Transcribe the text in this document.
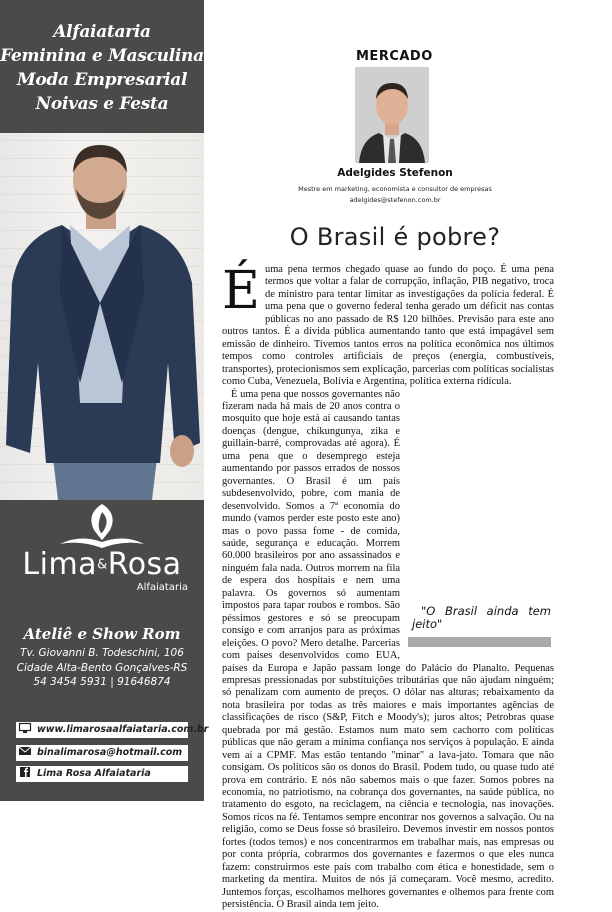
Alfaiataria
Feminina e Masculina
Moda Empresarial
Noivas e Festa
Lima&Rosa
Alfaiataria
Ateliê e Show Rom
Tv. Giovanni B. Todeschini, 106
Cidade Alta-Bento Gonçalves-RS
54 3454 5931 | 91646874
www.limarosaalfaiataria.com.br
binalimarosa@hotmail.com
Lima Rosa Alfaiataria
MERCADO
Adelgides Stefenon
Mestre em marketing, economista e consultor de empresas
adelgides@stefenon.com.br
O Brasil é pobre?

É uma pena termos chegado quase ao fundo do poço. É uma pena termos que voltar a falar de corrupção, inflação, PIB negativo, troca de ministro para tentar limitar as investigações da polícia federal. É uma pena que o governo federal tenha gerado um déficit nas contas públicas no ano passado de R$ 120 bilhões. Previsão para este ano outros tantos. É a dívida pública aumentando tanto que está impagável sem emissão de dinheiro. Tivemos tantos erros na política econômica nos últimos tempos como controles artificiais de preços (energia, combustíveis, transportes), protecionismos sem explicação, parcerias com políticas socialistas como Cuba, Venezuela, Bolívia e Argentina, política externa ridícula.

"O Brasil ainda tem jeito"
É uma pena que nossos governantes não fizeram nada há mais de 20 anos contra o mosquito que hoje está aí causando tantas doenças (dengue, chikungunya, zika e guillain-barré, comprovadas até agora). É uma pena que o desemprego esteja aumentando por passos errados de nossos governantes. O Brasil é um país subdesenvolvido, pobre, com mania de desenvolvido. Somos a 7ª economia do mundo (vamos perder este posto este ano) mas o povo passa fome - de comida, saúde, segurança e educação. Morrem 60.000 brasileiros por ano assassinados e ninguém fala nada. Outros morrem na fila de espera dos hospitais e nem uma palavra. Os governos só aumentam impostos para tapar roubos e rombos. São péssimos gestores e só se preocupam consigo e com arranjos para as próximas eleições. O povo? Mero detalhe. Parcerias com países desenvolvidos como EUA, países da Europa e Japão passam longe do Palácio do Planalto. Pequenas empresas pressionadas por substituições tributárias que não ajudam ninguém; só penalizam com aumento de preços. O dólar nas alturas; rebaixamento da nota brasileira por todas as três maiores e mais importantes agências de classificações de risco (S&P, Fitch e Moody's); juros altos; Petrobras quase quebrada por má gestão. Estamos num mato sem cachorro com políticas públicas que não geram a mínima confiança nos serviços à população. E ainda vem aí a CPMF. Mas estão tentando "minar" a lava-jato. Tomara que não consigam. Os políticos são os donos do Brasil. Podem tudo, ou quase tudo até prova em contrário. E nós não sabemos mais o que fazer. Somos pobres na economia, no patriotismo, na cobrança dos governantes, na saúde pública, no tratamento do esgoto, na reciclagem, na ciência e tecnologia, nas inovações. Somos ricos na fé. Tentamos sempre encontrar nos governos a salvação. Ou na religião, como se Deus fosse só brasileiro. Devemos investir em nossos pontos fortes (todos temos) e nos concentrarmos em trabalhar mais, nas empresas ou por conta própria, cobrarmos dos governantes e fazermos o que eles nunca fazem: construirmos este país com trabalho com ética e honestidade, sem o marketing da mentira. Muitos de nós já começaram. Você mesmo, acredito. Juntemos forças, escolhamos melhores governantes e olhemos para frente com persistência. O Brasil ainda tem jeito.
